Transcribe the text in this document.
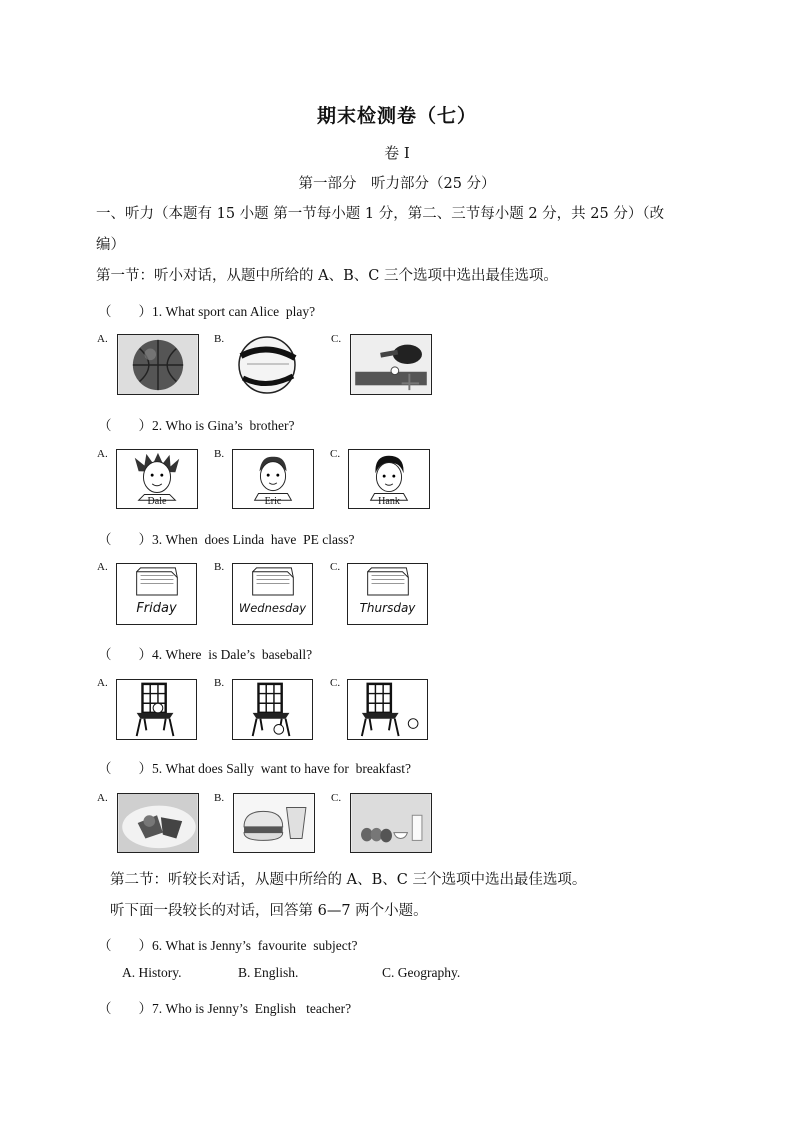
期末检测卷（七）
卷 I
第一部分　听力部分（25 分）
一、听力（本题有 15 小题 第一节每小题 1 分，第二、三节每小题 2 分，共 25 分）（改
编）
第一节：听小对话，从题中所给的 A、B、C 三个选项中选出最佳选项。
（　　）1. What sport can Alice  play?
A.	B.	C.
（　　）2. Who is Gina’s  brother?
A.	B.	C.
Dale	Eric	Hank
（　　）3. When  does Linda  have  PE class?
A.	B.	C.
Friday	Wednesday	Thursday
（　　）4. Where  is Dale’s  baseball?
A.	B.	C.
（　　）5. What does Sally  want to have for  breakfast?
A.	B.	C.
第二节：听较长对话，从题中所给的 A、B、C 三个选项中选出最佳选项。
听下面一段较长的对话，回答第 6—7 两个小题。
（　　）6. What is Jenny’s  favourite  subject?
A. History.	B. English.	C. Geography.
（　　）7. Who is Jenny’s  English   teacher?
